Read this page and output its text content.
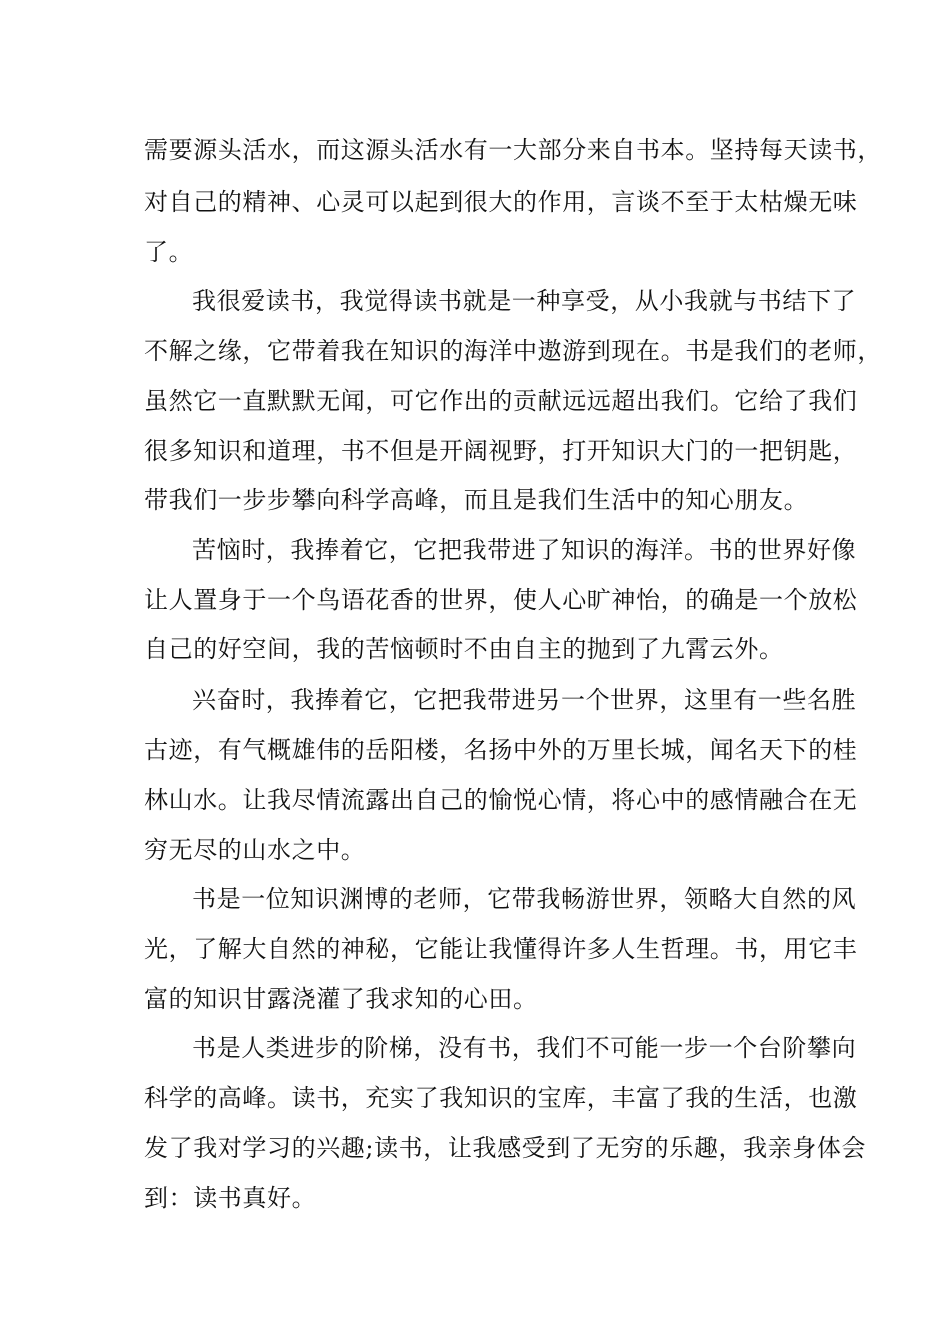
需要源头活水，而这源头活水有一大部分来自书本。坚持每天读书，
对自己的精神、心灵可以起到很大的作用，言谈不至于太枯燥无味
了。
我很爱读书，我觉得读书就是一种享受，从小我就与书结下了
不解之缘，它带着我在知识的海洋中遨游到现在。书是我们的老师，
虽然它一直默默无闻，可它作出的贡献远远超出我们。它给了我们
很多知识和道理，书不但是开阔视野，打开知识大门的一把钥匙，
带我们一步步攀向科学高峰，而且是我们生活中的知心朋友。
苦恼时，我捧着它，它把我带进了知识的海洋。书的世界好像
让人置身于一个鸟语花香的世界，使人心旷神怡，的确是一个放松
自己的好空间，我的苦恼顿时不由自主的抛到了九霄云外。
兴奋时，我捧着它，它把我带进另一个世界，这里有一些名胜
古迹，有气概雄伟的岳阳楼，名扬中外的万里长城，闻名天下的桂
林山水。让我尽情流露出自己的愉悦心情，将心中的感情融合在无
穷无尽的山水之中。
书是一位知识渊博的老师，它带我畅游世界，领略大自然的风
光，了解大自然的神秘，它能让我懂得许多人生哲理。书，用它丰
富的知识甘露浇灌了我求知的心田。
书是人类进步的阶梯，没有书，我们不可能一步一个台阶攀向
科学的高峰。读书，充实了我知识的宝库，丰富了我的生活，也激
发了我对学习的兴趣;读书，让我感受到了无穷的乐趣，我亲身体会
到：读书真好。
